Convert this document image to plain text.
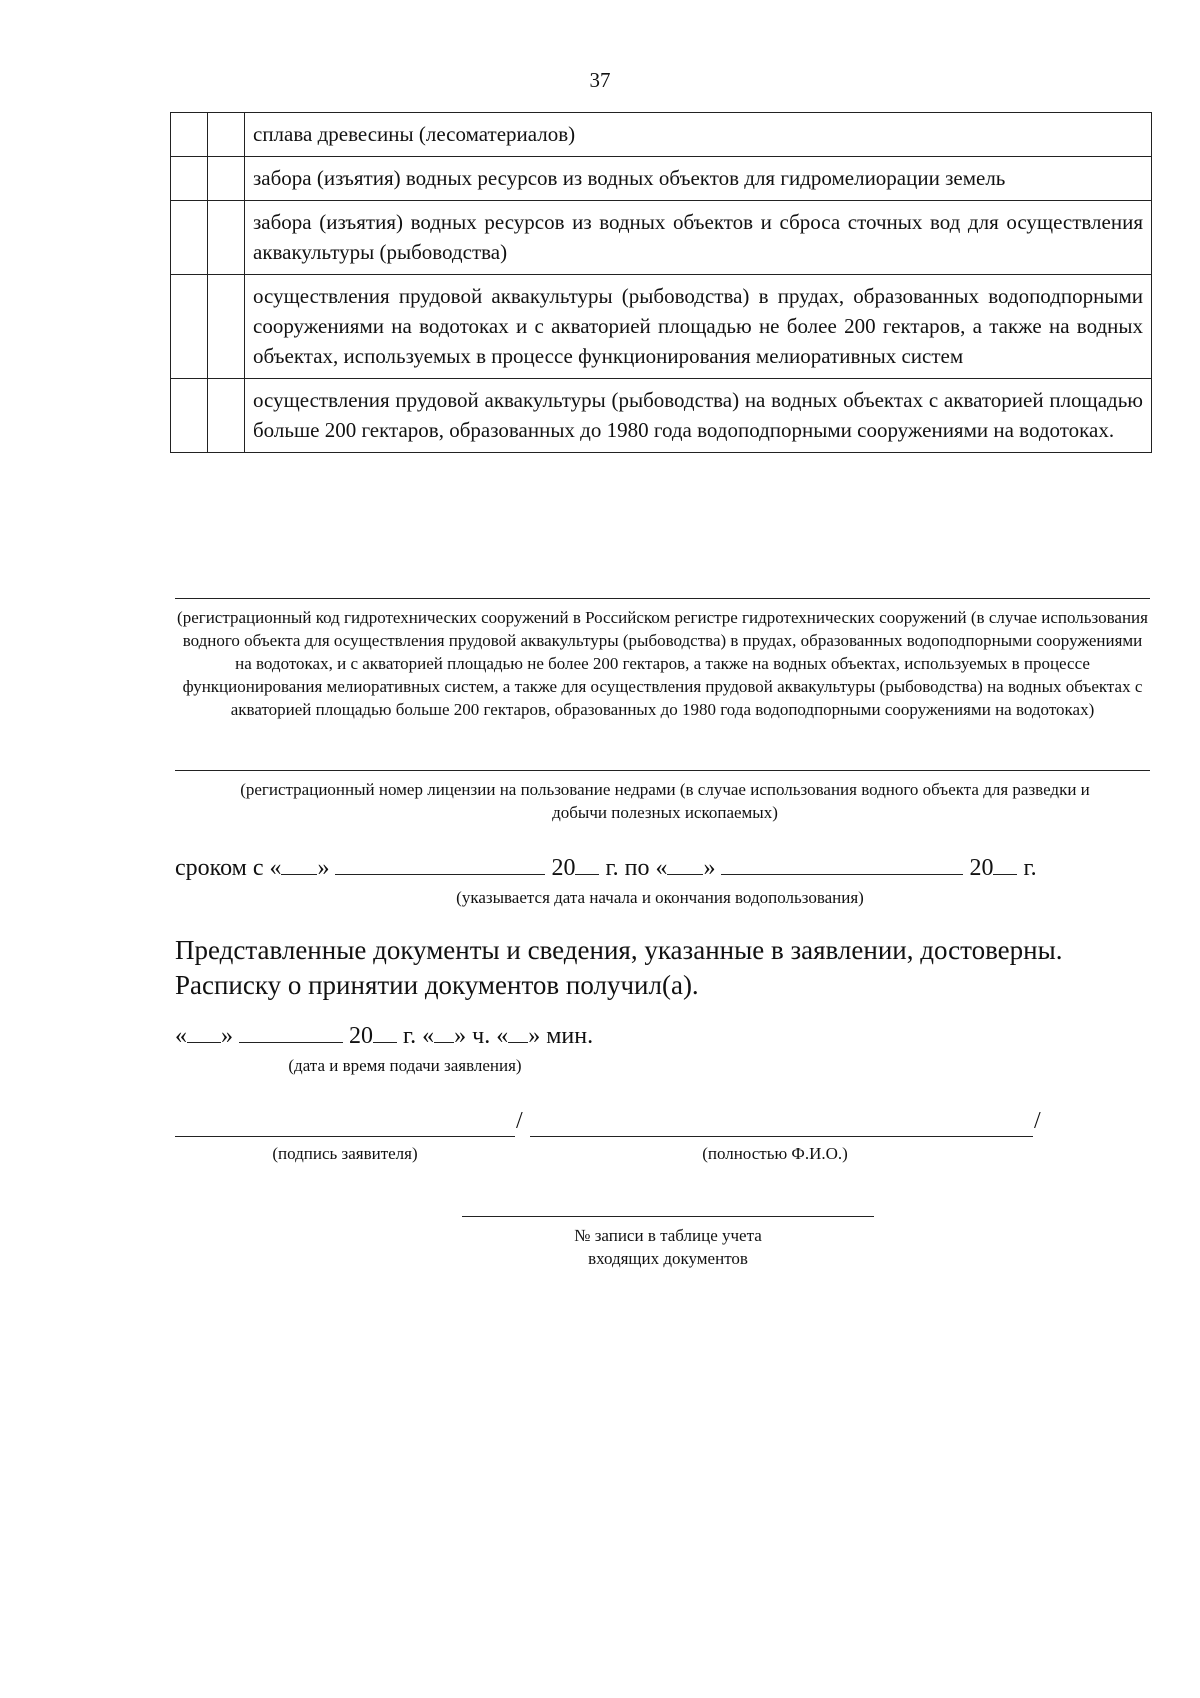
37
		сплава древесины (лесоматериалов)
		забора (изъятия) водных ресурсов из водных объектов для гидромелиорации земель
		забора (изъятия) водных ресурсов из водных объектов и сброса сточных вод для осуществления аквакультуры (рыбоводства)
		осуществления прудовой аквакультуры (рыбоводства) в прудах, образованных водоподпорными сооружениями на водотоках и с акваторией площадью не более 200 гектаров, а также на водных объектах, используемых в процессе функционирования мелиоративных систем
		осуществления прудовой аквакультуры (рыбоводства) на водных объектах с акваторией площадью больше 200 гектаров, образованных до 1980 года водоподпорными сооружениями на водотоках.
(регистрационный код гидротехнических сооружений в Российском регистре гидротехнических сооружений (в случае использования водного объекта для осуществления прудовой аквакультуры (рыбоводства) в прудах, образованных водоподпорными сооружениями на водотоках, и с акваторией площадью не более 200 гектаров, а также на водных объектах, используемых в процессе функционирования мелиоративных систем, а также для осуществления прудовой аквакультуры (рыбоводства) на водных объектах с акваторией площадью больше 200 гектаров, образованных до 1980 года водоподпорными сооружениями на водотоках)
(регистрационный номер лицензии на пользование недрами (в случае использования водного объекта для разведки и добычи полезных ископаемых)
сроком с « »	20 г. по « »	20 г.
(указывается дата начала и окончания водопользования)
Представленные документы и сведения, указанные в заявлении, достоверны.
Расписку о принятии документов получил(а).
« »	20 г. « » ч. « » мин.
(дата и время подачи заявления)
/	/
(подпись заявителя)	(полностью Ф.И.О.)
№ записи в таблице учета
входящих документов
